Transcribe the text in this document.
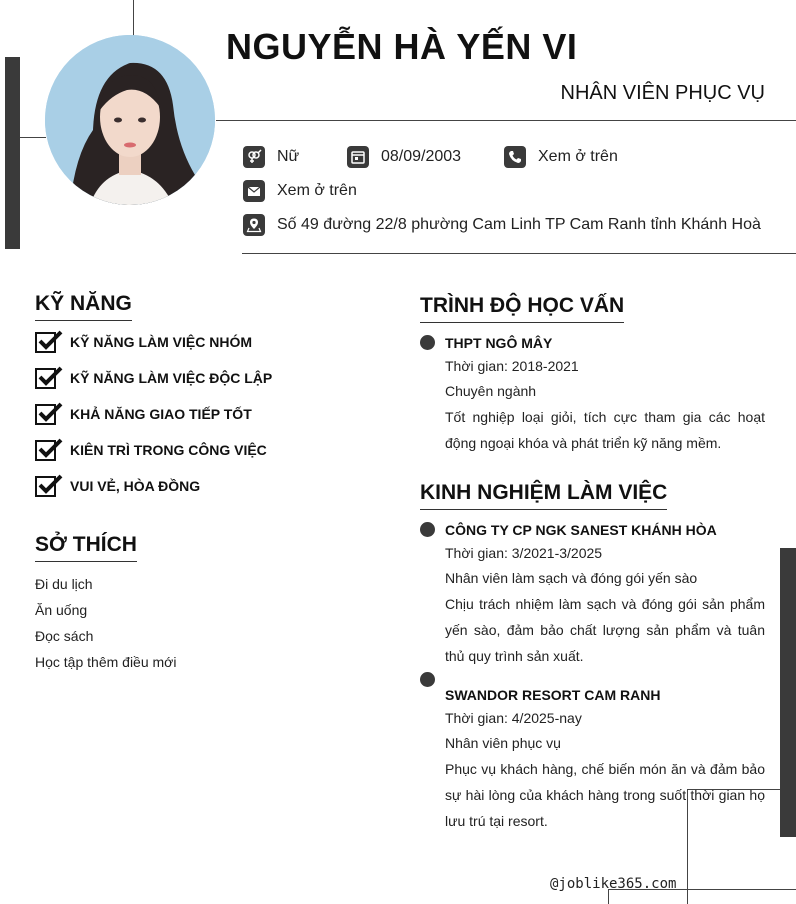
NGUYỄN HÀ YẾN VI
NHÂN VIÊN PHỤC VỤ
Nữ	08/09/2003	Xem ở trên
Xem ở trên
Số 49 đường 22/8 phường Cam Linh TP Cam Ranh tỉnh Khánh Hoà
KỸ NĂNG
KỸ NĂNG LÀM VIỆC NHÓM
KỸ NĂNG LÀM VIỆC ĐỘC LẬP
KHẢ NĂNG GIAO TIẾP TỐT
KIÊN TRÌ TRONG CÔNG VIỆC
VUI VẺ, HÒA ĐỒNG
SỞ THÍCH
Đi du lịch
Ăn uống
Đọc sách
Học tập thêm điều mới
TRÌNH ĐỘ HỌC VẤN
THPT NGÔ MÂY
Thời gian: 2018-2021
Chuyên ngành
Tốt nghiệp loại giỏi, tích cực tham gia các hoạt động ngoại khóa và phát triển kỹ năng mềm.
KINH NGHIỆM LÀM VIỆC
CÔNG TY CP NGK SANEST KHÁNH HÒA
Thời gian: 3/2021-3/2025
Nhân viên làm sạch và đóng gói yến sào
Chịu trách nhiệm làm sạch và đóng gói sản phẩm yến sào, đảm bảo chất lượng sản phẩm và tuân thủ quy trình sản xuất.
SWANDOR RESORT CAM RANH
Thời gian: 4/2025-nay
Nhân viên phục vụ
Phục vụ khách hàng, chế biến món ăn và đảm bảo sự hài lòng của khách hàng trong suốt thời gian họ lưu trú tại resort.
@joblike365.com
